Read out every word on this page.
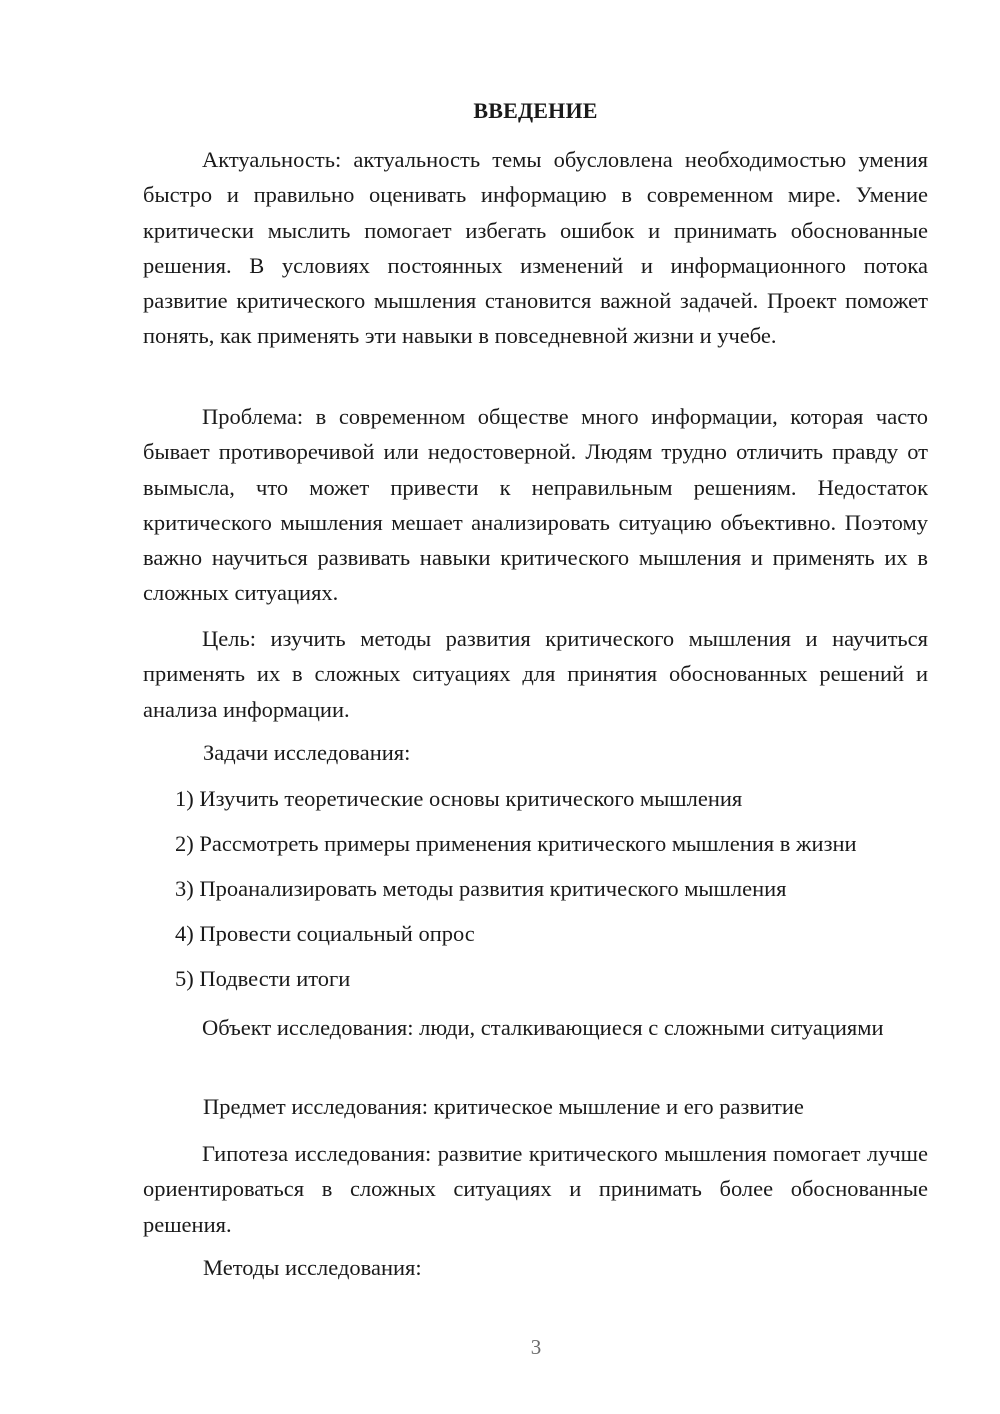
ВВЕДЕНИЕ

Актуальность: актуальность темы обусловлена необходимостью умения быстро и правильно оценивать информацию в современном мире. Умение критически мыслить помогает избегать ошибок и принимать обоснованные решения. В условиях постоянных изменений и информационного потока развитие критического мышления становится важной задачей. Проект поможет понять, как применять эти навыки в повседневной жизни и учебе.

Проблема: в современном обществе много информации, которая часто бывает противоречивой или недостоверной. Людям трудно отличить правду от вымысла, что может привести к неправильным решениям. Недостаток критического мышления мешает анализировать ситуацию объективно. Поэтому важно научиться развивать навыки критического мышления и применять их в сложных ситуациях.

Цель: изучить методы развития критического мышления и научиться применять их в сложных ситуациях для принятия обоснованных решений и анализа информации.

Задачи исследования:

1) Изучить теоретические основы критического мышления

2) Рассмотреть примеры применения критического мышления в жизни

3) Проанализировать методы развития критического мышления

4) Провести социальный опрос

5) Подвести итоги

Объект исследования: люди, сталкивающиеся с сложными ситуациями

Предмет исследования: критическое мышление и его развитие

Гипотеза исследования: развитие критического мышления помогает лучше ориентироваться в сложных ситуациях и принимать более обоснованные решения.

Методы исследования:

3
